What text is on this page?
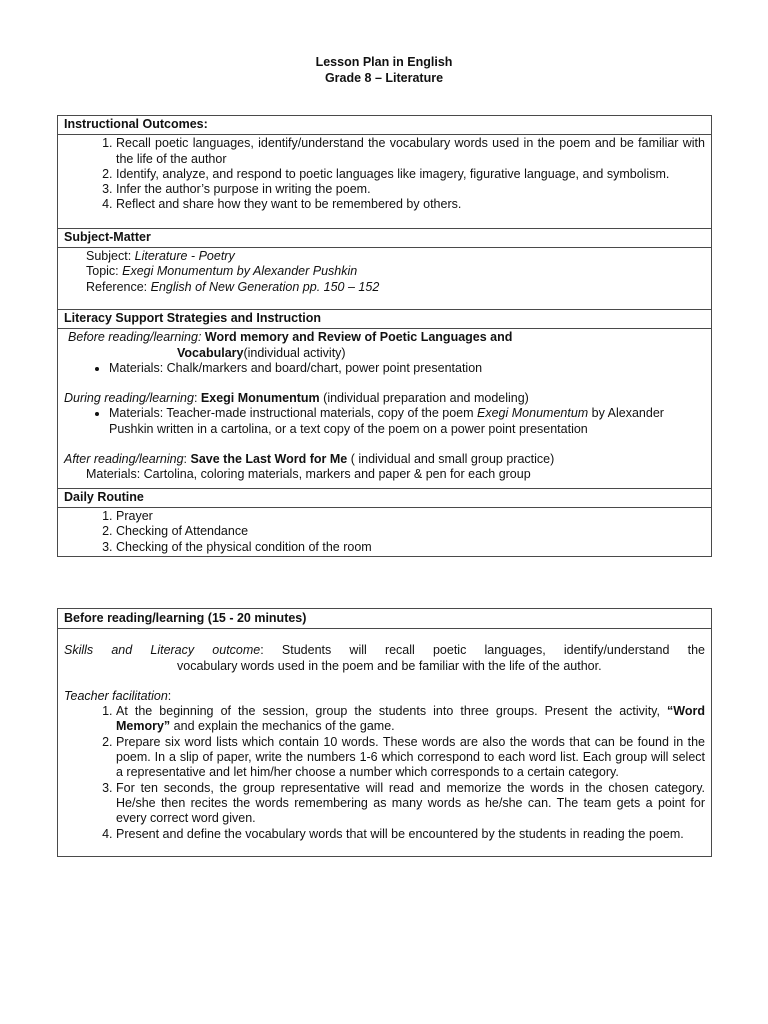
Lesson Plan in English
Grade 8 – Literature
Instructional Outcomes:

1. Recall poetic languages, identify/understand the vocabulary words used in the poem and be familiar with the life of the author
2. Identify, analyze, and respond to poetic languages like imagery, figurative language, and symbolism.
3. Infer the author’s purpose in writing the poem.
4. Reflect and share how they want to be remembered by others.

Subject-Matter

Subject: Literature - Poetry
Topic: Exegi Monumentum by Alexander Pushkin
Reference: English of New Generation pp. 150 – 152

Literacy Support Strategies and Instruction

Before reading/learning: Word memory and Review of Poetic Languages and
Vocabulary(individual activity)
• Materials: Chalk/markers and board/chart, power point presentation
During reading/learning: Exegi Monumentum (individual preparation and modeling)
• Materials: Teacher-made instructional materials, copy of the poem Exegi Monumentum by Alexander Pushkin written in a cartolina, or a text copy of the poem on a power point presentation
After reading/learning: Save the Last Word for Me ( individual and small group practice)
Materials: Cartolina, coloring materials, markers and paper & pen for each group

Daily Routine

1. Prayer
2. Checking of Attendance
3. Checking of the physical condition of the room
Before reading/learning (15 - 20 minutes)

Skills and Literacy outcome: Students will recall poetic languages, identify/understand the
vocabulary words used in the poem and be familiar with the life of the author.
Teacher facilitation:
1. At the beginning of the session, group the students into three groups. Present the activity, “Word Memory” and explain the mechanics of the game.
2. Prepare six word lists which contain 10 words. These words are also the words that can be found in the poem. In a slip of paper, write the numbers 1-6 which correspond to each word list. Each group will select a representative and let him/her choose a number which corresponds to a certain category.
3. For ten seconds, the group representative will read and memorize the words in the chosen category. He/she then recites the words remembering as many words as he/she can. The team gets a point for every correct word given.
4. Present and define the vocabulary words that will be encountered by the students in reading the poem.
